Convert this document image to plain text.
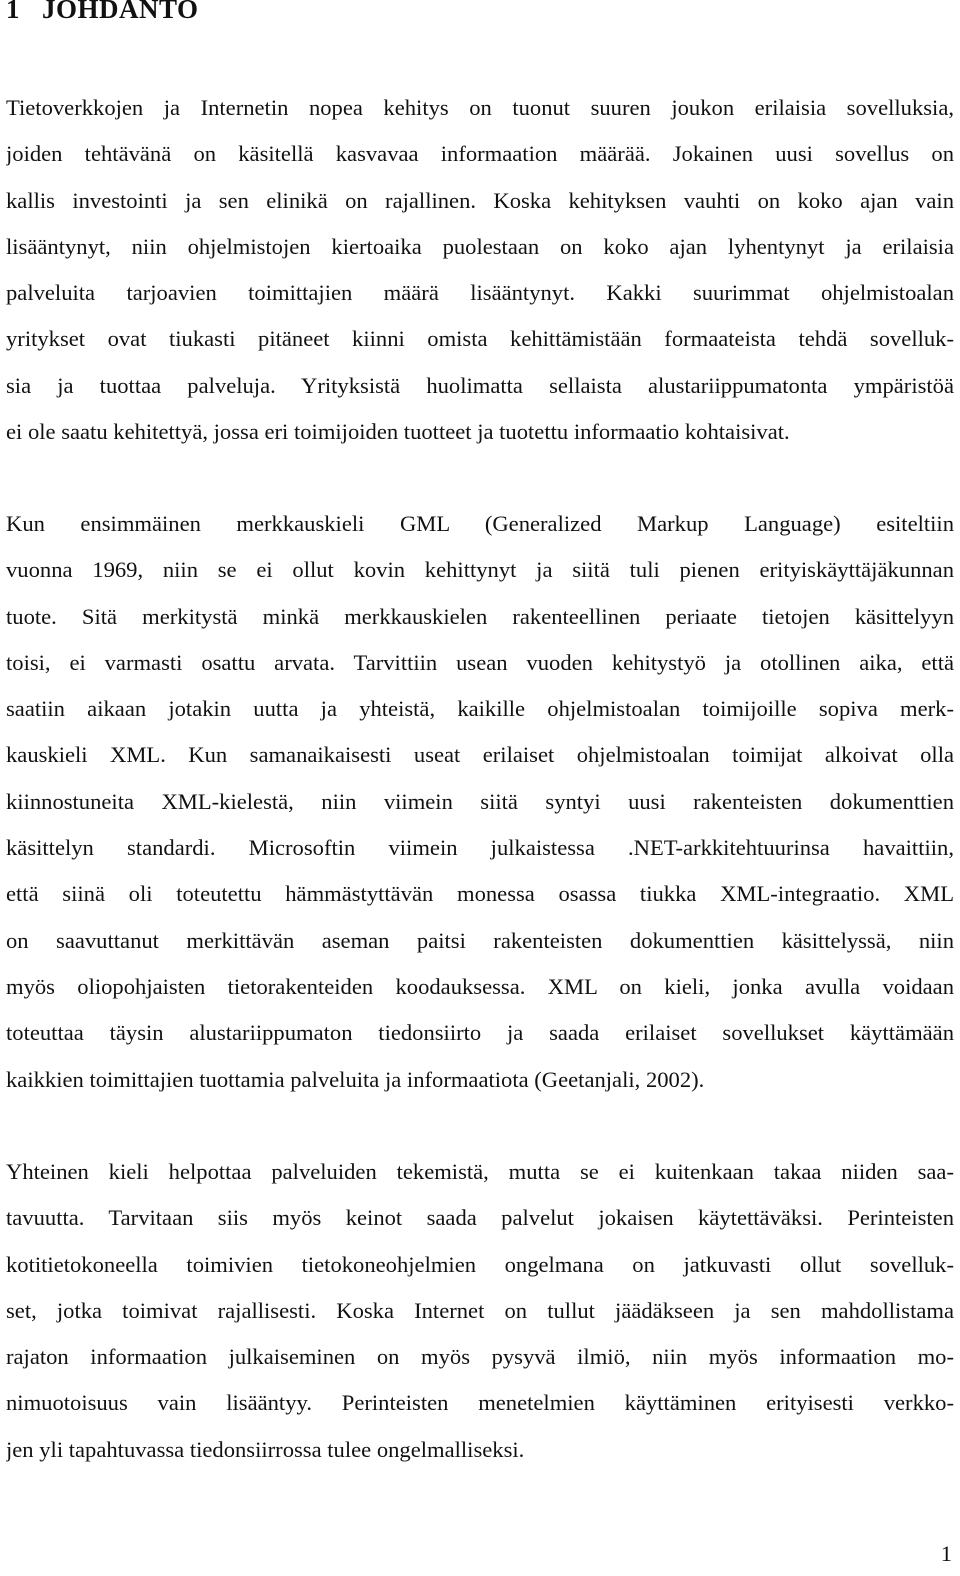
1 JOHDANTO
Tietoverkkojen ja Internetin nopea kehitys on tuonut suuren joukon erilaisia sovelluksia,
joiden tehtävänä on käsitellä kasvavaa informaation määrää. Jokainen uusi sovellus on
kallis investointi ja sen elinikä on rajallinen. Koska kehityksen vauhti on koko ajan vain
lisääntynyt, niin ohjelmistojen kiertoaika puolestaan on koko ajan lyhentynyt ja erilaisia
palveluita tarjoavien toimittajien määrä lisääntynyt. Kakki suurimmat ohjelmistoalan
yritykset ovat tiukasti pitäneet kiinni omista kehittämistään formaateista tehdä sovelluk-
sia ja tuottaa palveluja. Yrityksistä huolimatta sellaista alustariippumatonta ympäristöä
ei ole saatu kehitettyä, jossa eri toimijoiden tuotteet ja tuotettu informaatio kohtaisivat.
Kun ensimmäinen merkkauskieli GML (Generalized Markup Language) esiteltiin
vuonna 1969, niin se ei ollut kovin kehittynyt ja siitä tuli pienen erityiskäyttäjäkunnan
tuote. Sitä merkitystä minkä merkkauskielen rakenteellinen periaate tietojen käsittelyyn
toisi, ei varmasti osattu arvata. Tarvittiin usean vuoden kehitystyö ja otollinen aika, että
saatiin aikaan jotakin uutta ja yhteistä, kaikille ohjelmistoalan toimijoille sopiva merk-
kauskieli XML. Kun samanaikaisesti useat erilaiset ohjelmistoalan toimijat alkoivat olla
kiinnostuneita XML-kielestä, niin viimein siitä syntyi uusi rakenteisten dokumenttien
käsittelyn standardi. Microsoftin viimein julkaistessa .NET-arkkitehtuurinsa havaittiin,
että siinä oli toteutettu hämmästyttävän monessa osassa tiukka XML-integraatio. XML
on saavuttanut merkittävän aseman paitsi rakenteisten dokumenttien käsittelyssä, niin
myös oliopohjaisten tietorakenteiden koodauksessa. XML on kieli, jonka avulla voidaan
toteuttaa täysin alustariippumaton tiedonsiirto ja saada erilaiset sovellukset käyttämään
kaikkien toimittajien tuottamia palveluita ja informaatiota (Geetanjali, 2002).
Yhteinen kieli helpottaa palveluiden tekemistä, mutta se ei kuitenkaan takaa niiden saa-
tavuutta. Tarvitaan siis myös keinot saada palvelut jokaisen käytettäväksi. Perinteisten
kotitietokoneella toimivien tietokoneohjelmien ongelmana on jatkuvasti ollut sovelluk-
set, jotka toimivat rajallisesti. Koska Internet on tullut jäädäkseen ja sen mahdollistama
rajaton informaation julkaiseminen on myös pysyvä ilmiö, niin myös informaation mo-
nimuotoisuus vain lisääntyy. Perinteisten menetelmien käyttäminen erityisesti verkko-
jen yli tapahtuvassa tiedonsiirrossa tulee ongelmalliseksi.
1
